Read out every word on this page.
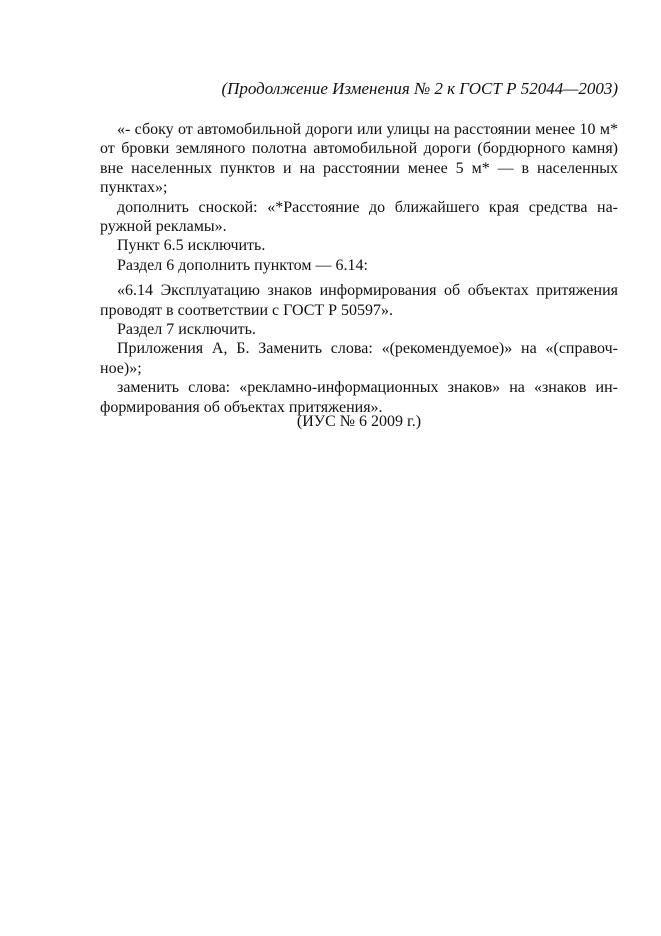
(Продолжение Изменения № 2 к ГОСТ Р 52044—2003)

«- сбоку от автомобильной дороги или улицы на расстоянии менее 10 м* от бровки земляного полотна автомобильной дороги (бордюрного камня) вне населенных пунктов и на расстоянии менее 5 м* — в населенных пунктах»;

дополнить сноской: «*Расстояние до ближайшего края средства наружной рекламы».

Пункт 6.5 исключить.

Раздел 6 дополнить пунктом — 6.14:

«6.14 Эксплуатацию знаков информирования об объектах притяжения проводят в соответствии с ГОСТ Р 50597».

Раздел 7 исключить.

Приложения А, Б. Заменить слова: «(рекомендуемое)» на «(справочное)»;

заменить слова: «рекламно-информационных знаков» на «знаков информирования об объектах притяжения».

(ИУС № 6 2009 г.)
